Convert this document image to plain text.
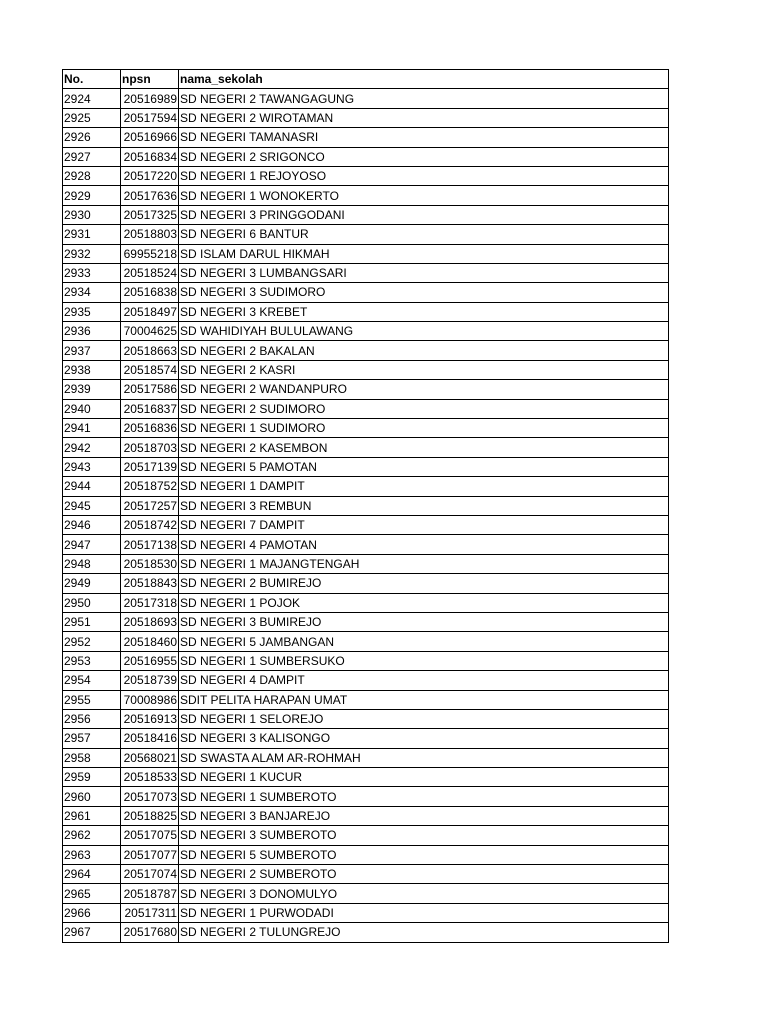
No.	npsn	nama_sekolah
2924	20516989	SD NEGERI 2 TAWANGAGUNG
2925	20517594	SD NEGERI 2 WIROTAMAN
2926	20516966	SD NEGERI TAMANASRI
2927	20516834	SD NEGERI 2 SRIGONCO
2928	20517220	SD NEGERI 1 REJOYOSO
2929	20517636	SD NEGERI 1 WONOKERTO
2930	20517325	SD NEGERI 3 PRINGGODANI
2931	20518803	SD NEGERI 6 BANTUR
2932	69955218	SD ISLAM DARUL HIKMAH
2933	20518524	SD NEGERI 3 LUMBANGSARI
2934	20516838	SD NEGERI 3 SUDIMORO
2935	20518497	SD NEGERI 3 KREBET
2936	70004625	SD WAHIDIYAH BULULAWANG
2937	20518663	SD NEGERI 2 BAKALAN
2938	20518574	SD NEGERI 2 KASRI
2939	20517586	SD NEGERI 2 WANDANPURO
2940	20516837	SD NEGERI 2 SUDIMORO
2941	20516836	SD NEGERI 1 SUDIMORO
2942	20518703	SD NEGERI 2 KASEMBON
2943	20517139	SD NEGERI 5 PAMOTAN
2944	20518752	SD NEGERI 1 DAMPIT
2945	20517257	SD NEGERI 3 REMBUN
2946	20518742	SD NEGERI 7 DAMPIT
2947	20517138	SD NEGERI 4 PAMOTAN
2948	20518530	SD NEGERI 1 MAJANGTENGAH
2949	20518843	SD NEGERI 2 BUMIREJO
2950	20517318	SD NEGERI 1 POJOK
2951	20518693	SD NEGERI 3 BUMIREJO
2952	20518460	SD NEGERI 5 JAMBANGAN
2953	20516955	SD NEGERI 1 SUMBERSUKO
2954	20518739	SD NEGERI 4 DAMPIT
2955	70008986	SDIT PELITA HARAPAN UMAT
2956	20516913	SD NEGERI 1 SELOREJO
2957	20518416	SD NEGERI 3 KALISONGO
2958	20568021	SD SWASTA ALAM AR-ROHMAH
2959	20518533	SD NEGERI 1 KUCUR
2960	20517073	SD NEGERI 1 SUMBEROTO
2961	20518825	SD NEGERI 3 BANJAREJO
2962	20517075	SD NEGERI 3 SUMBEROTO
2963	20517077	SD NEGERI 5 SUMBEROTO
2964	20517074	SD NEGERI 2 SUMBEROTO
2965	20518787	SD NEGERI 3 DONOMULYO
2966	20517311	SD NEGERI 1 PURWODADI
2967	20517680	SD NEGERI 2 TULUNGREJO
